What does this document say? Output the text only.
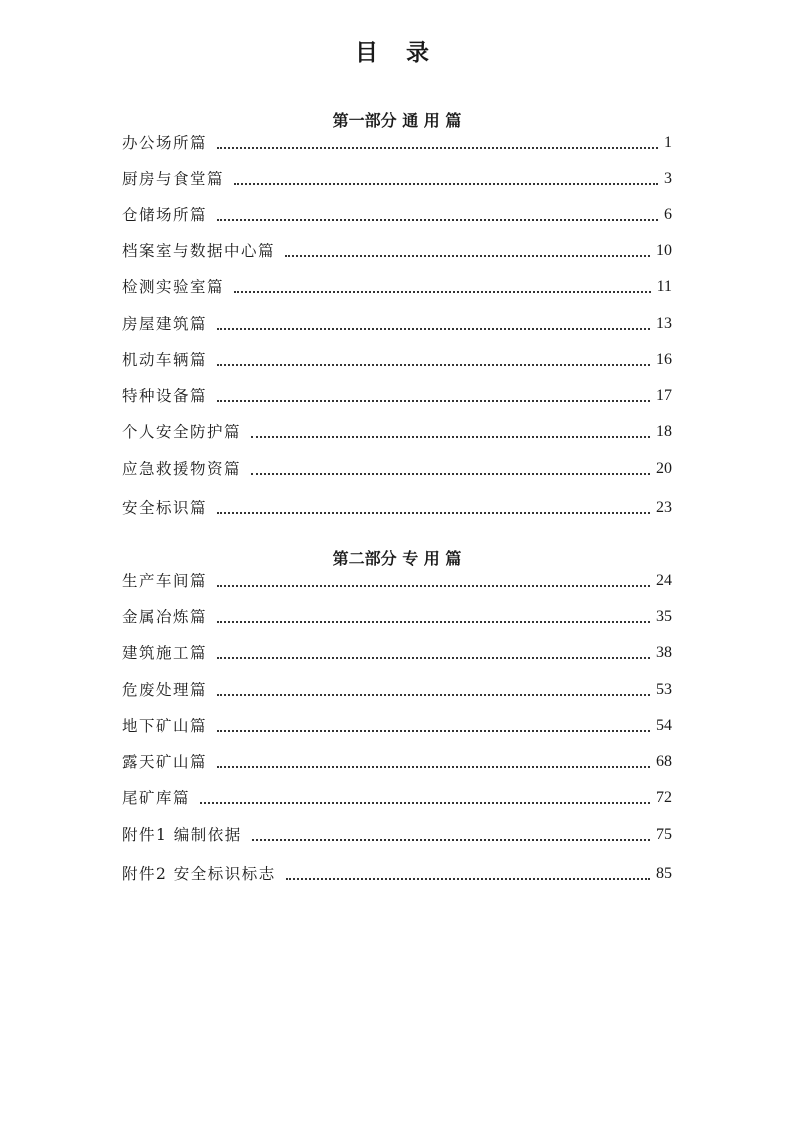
目 录
第一部分 通 用 篇
办公场所篇	1
厨房与食堂篇	3
仓储场所篇	6
档案室与数据中心篇	10
检测实验室篇	11
房屋建筑篇	13
机动车辆篇	16
特种设备篇	17
个人安全防护篇	18
应急救援物资篇	20
安全标识篇	23
第二部分 专 用 篇
生产车间篇	24
金属冶炼篇	35
建筑施工篇	38
危废处理篇	53
地下矿山篇	54
露天矿山篇	68
尾矿库篇	72
附件1 编制依据	75
附件2 安全标识标志	85
